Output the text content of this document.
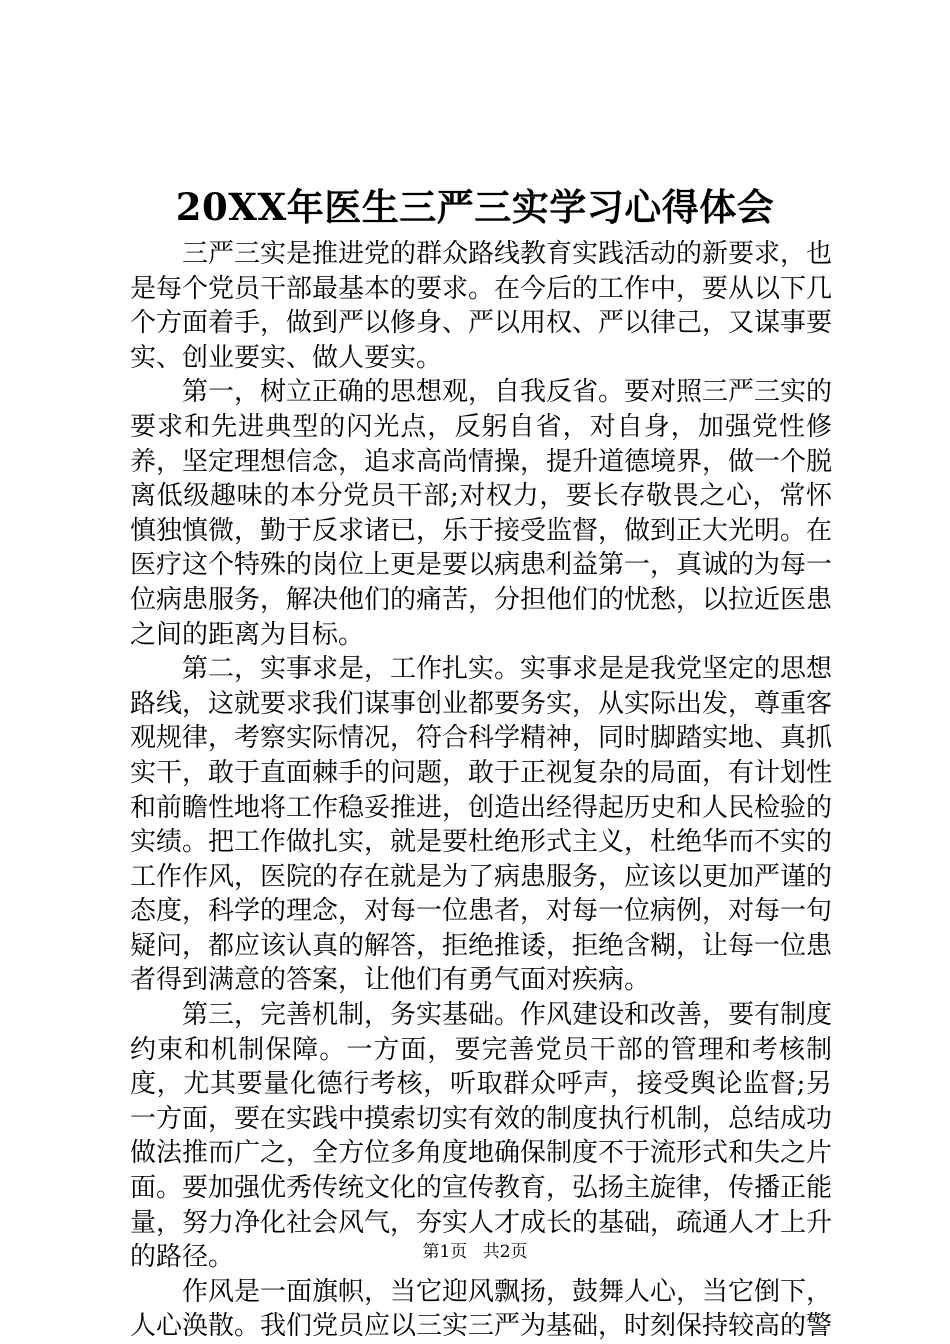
20XX年医生三严三实学习心得体会

三严三实是推进党的群众路线教育实践活动的新要求，也是每个党员干部最基本的要求。在今后的工作中，要从以下几个方面着手，做到严以修身、严以用权、严以律己，又谋事要实、创业要实、做人要实。

第一，树立正确的思想观，自我反省。要对照三严三实的要求和先进典型的闪光点，反躬自省，对自身，加强党性修养，坚定理想信念，追求高尚情操，提升道德境界，做一个脱离低级趣味的本分党员干部;对权力，要长存敬畏之心，常怀慎独慎微，勤于反求诸已，乐于接受监督，做到正大光明。在医疗这个特殊的岗位上更是要以病患利益第一，真诚的为每一位病患服务，解决他们的痛苦，分担他们的忧愁，以拉近医患之间的距离为目标。

第二，实事求是，工作扎实。实事求是是我党坚定的思想路线，这就要求我们谋事创业都要务实，从实际出发，尊重客观规律，考察实际情况，符合科学精神，同时脚踏实地、真抓实干，敢于直面棘手的问题，敢于正视复杂的局面，有计划性和前瞻性地将工作稳妥推进，创造出经得起历史和人民检验的实绩。把工作做扎实，就是要杜绝形式主义，杜绝华而不实的工作作风，医院的存在就是为了病患服务，应该以更加严谨的态度，科学的理念，对每一位患者，对每一位病例，对每一句疑问，都应该认真的解答，拒绝推诿，拒绝含糊，让每一位患者得到满意的答案，让他们有勇气面对疾病。

第三，完善机制，务实基础。作风建设和改善，要有制度约束和机制保障。一方面，要完善党员干部的管理和考核制度，尤其要量化德行考核，听取群众呼声，接受舆论监督;另一方面，要在实践中摸索切实有效的制度执行机制，总结成功做法推而广之，全方位多角度地确保制度不于流形式和失之片面。要加强优秀传统文化的宣传教育，弘扬主旋律，传播正能量，努力净化社会风气，夯实人才成长的基础，疏通人才上升的路径。

作风是一面旗帜，当它迎风飘扬，鼓舞人心，当它倒下，人心涣散。我们党员应以三实三严为基础，时刻保持较高的警

第1页 共2页
